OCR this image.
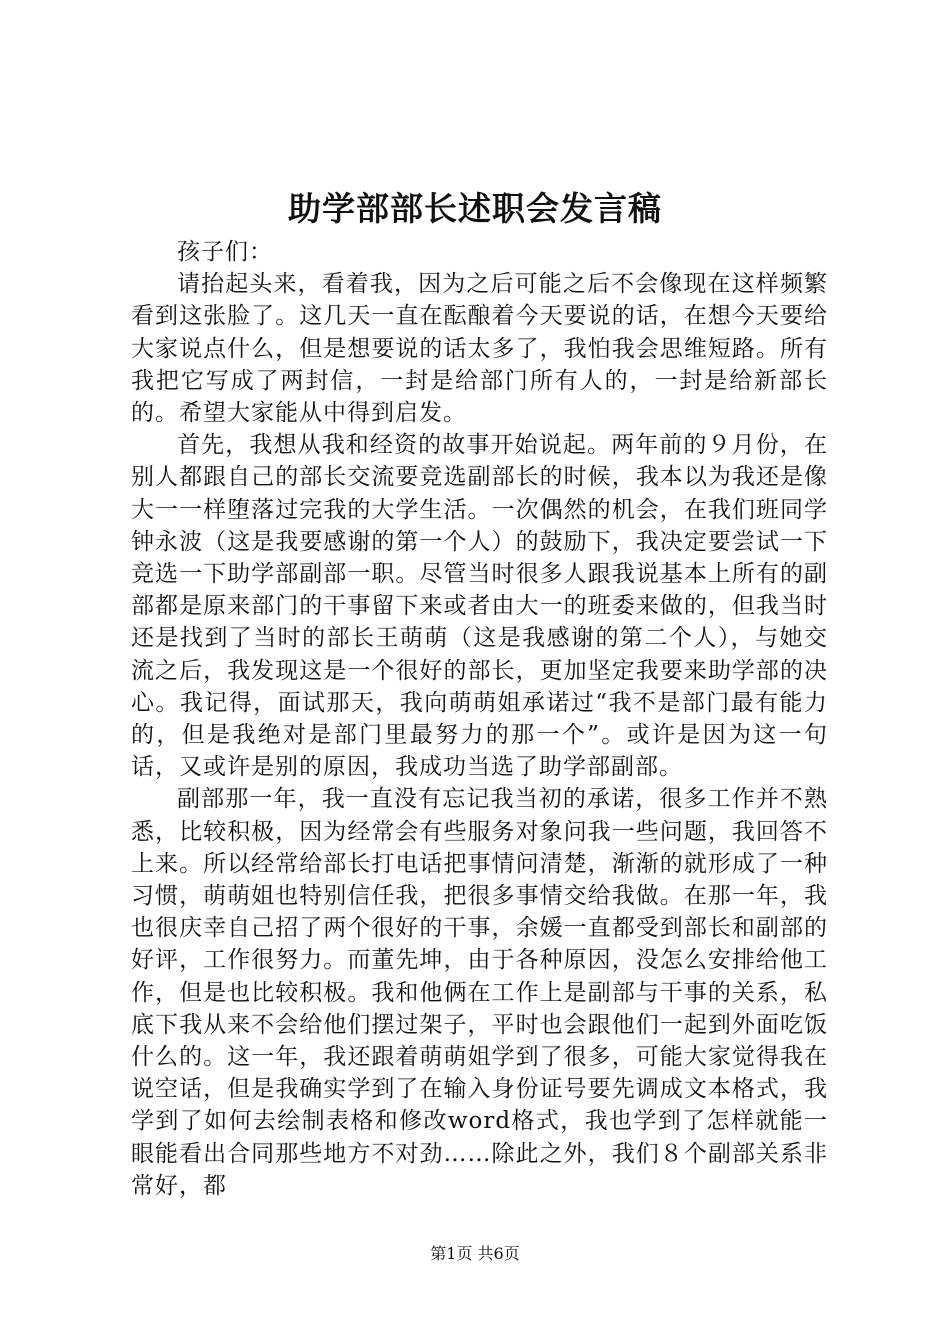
助学部部长述职会发言稿

孩子们：

请抬起头来，看着我，因为之后可能之后不会像现在这样频繁看到这张脸了。这几天一直在酝酿着今天要说的话，在想今天要给大家说点什么，但是想要说的话太多了，我怕我会思维短路。所有我把它写成了两封信，一封是给部门所有人的，一封是给新部长的。希望大家能从中得到启发。

首先，我想从我和经资的故事开始说起。两年前的９月份，在别人都跟自己的部长交流要竞选副部长的时候，我本以为我还是像大一一样堕落过完我的大学生活。一次偶然的机会，在我们班同学钟永波（这是我要感谢的第一个人）的鼓励下，我决定要尝试一下竞选一下助学部副部一职。尽管当时很多人跟我说基本上所有的副部都是原来部门的干事留下来或者由大一的班委来做的，但我当时还是找到了当时的部长王萌萌（这是我感谢的第二个人），与她交流之后，我发现这是一个很好的部长，更加坚定我要来助学部的决心。我记得，面试那天，我向萌萌姐承诺过“我不是部门最有能力的，但是我绝对是部门里最努力的那一个”。或许是因为这一句话，又或许是别的原因，我成功当选了助学部副部。

副部那一年，我一直没有忘记我当初的承诺，很多工作并不熟悉，比较积极，因为经常会有些服务对象问我一些问题，我回答不上来。所以经常给部长打电话把事情问清楚，渐渐的就形成了一种习惯，萌萌姐也特别信任我，把很多事情交给我做。在那一年，我也很庆幸自己招了两个很好的干事，余媛一直都受到部长和副部的好评，工作很努力。而董先坤，由于各种原因，没怎么安排给他工作，但是也比较积极。我和他俩在工作上是副部与干事的关系，私底下我从来不会给他们摆过架子，平时也会跟他们一起到外面吃饭什么的。这一年，我还跟着萌萌姐学到了很多，可能大家觉得我在说空话，但是我确实学到了在输入身份证号要先调成文本格式，我学到了如何去绘制表格和修改word格式，我也学到了怎样就能一眼能看出合同那些地方不对劲……除此之外，我们８个副部关系非常好，都

第1页 共6页
